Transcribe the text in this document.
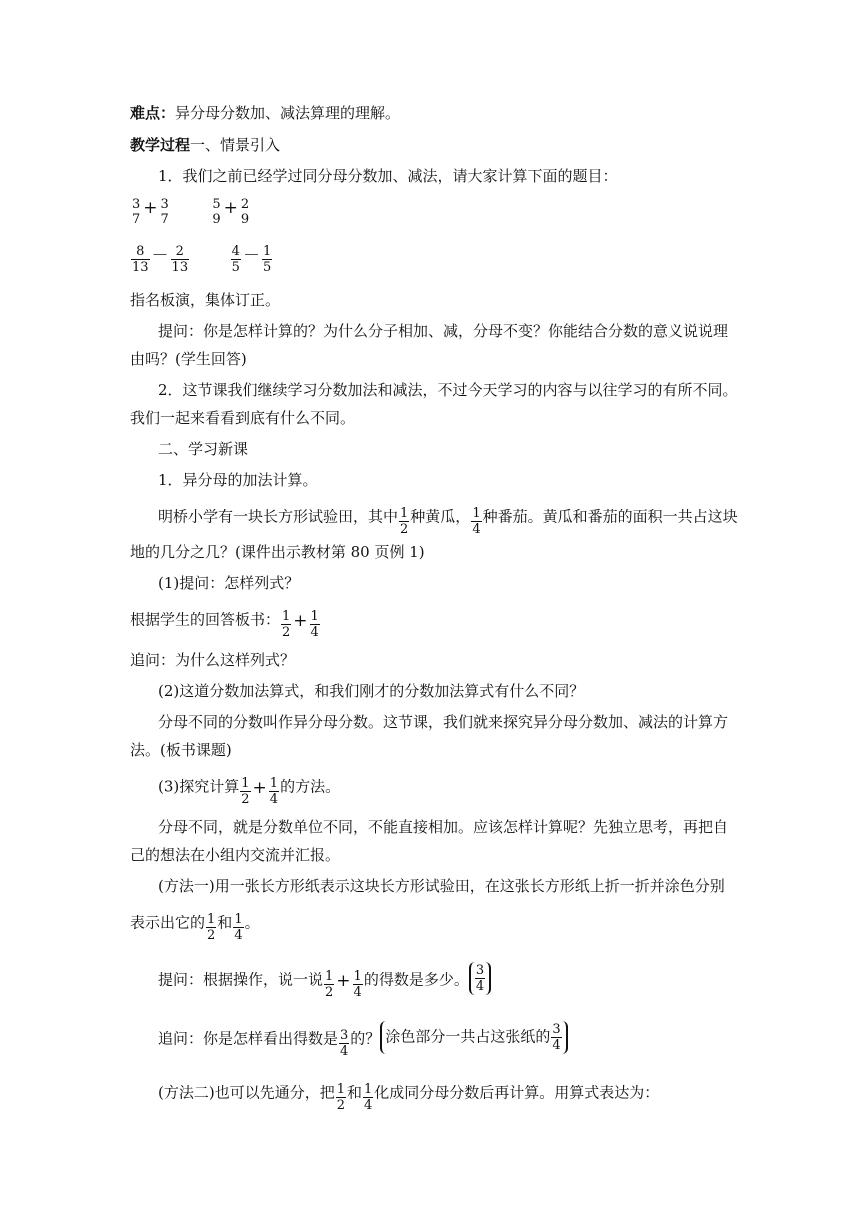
难点：异分母分数加、减法算理的理解。
教学过程一、情景引入
1．我们之前已经学过同分母分数加、减法，请大家计算下面的题目：
3
7
+ 3
7

5
9
+ 2
9
$\frac{8}{13} - \frac{2}{13}$
	$\frac{4}{5} - \frac{1}{5}$
指名板演，集体订正。
提问：你是怎样计算的？为什么分子相加、减，分母不变？你能结合分数的意义说说理
由吗？(学生回答)
2．这节课我们继续学习分数加法和减法，不过今天学习的内容与以往学习的有所不同。
我们一起来看看到底有什么不同。
二、学习新课
1．异分母的加法计算。
明桥小学有一块长方形试验田，其中 $\frac{1}{2}$ 种黄瓜， $\frac{1}{4}$ 种番茄。黄瓜和番茄的面积一共占这块
地的几分之几？(课件出示教材第 80 页例 1)
(1)提问：怎样列式？
根据学生的回答板书： $\frac{1}{2} + \frac{1}{4}$
追问：为什么这样列式？
(2)这道分数加法算式，和我们刚才的分数加法算式有什么不同？
分母不同的分数叫作异分母分数。这节课，我们就来探究异分母分数加、减法的计算方
法。(板书课题)
(3)探究计算 $\frac{1}{2} + \frac{1}{4}$ 的方法。
分母不同，就是分数单位不同，不能直接相加。应该怎样计算呢？先独立思考，再把自
己的想法在小组内交流并汇报。
(方法一)用一张长方形纸表示这块长方形试验田，在这张长方形纸上折一折并涂色分别
表示出它的 $\frac{1}{2}$ 和 $\frac{1}{4}$ 。
提问：根据操作，说一说 $\frac{1}{2} + \frac{1}{4}$ 的得数是多少。 $\frac{3}{4}$
追问：你是怎样看出得数是 $\frac{3}{4}$ 的？ 涂色部分一共占这张纸的 $\frac{3}{4}$
(方法二)也可以先通分，把 $\frac{1}{2}$ 和 $\frac{1}{4}$ 化成同分母分数后再计算。用算式表达为：
